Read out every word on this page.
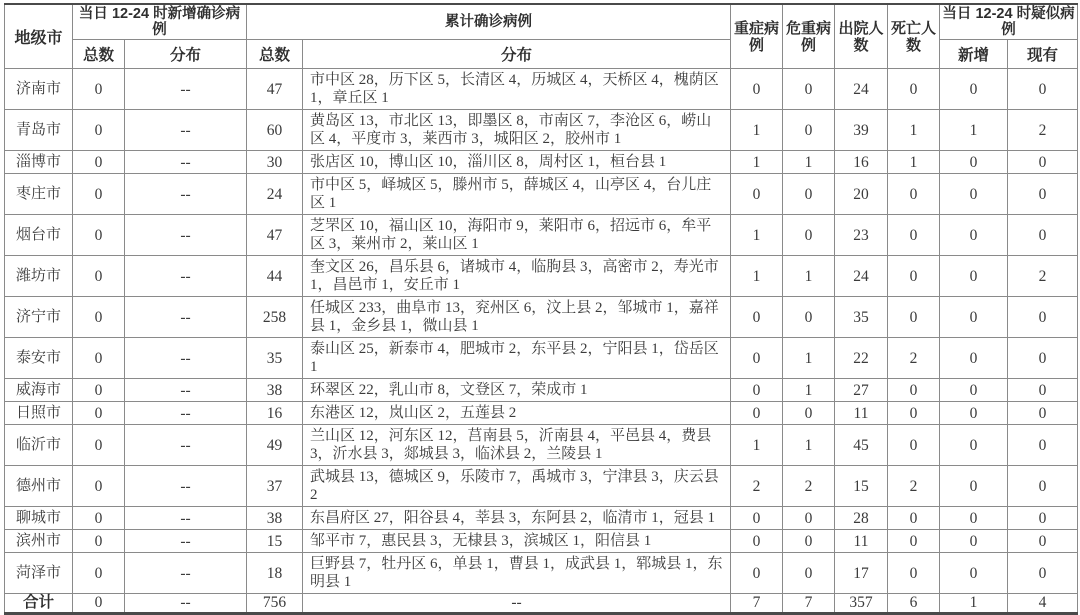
地级市	当日 12-24 时新增确诊病例		累计确诊病例		重症病例	危重病例	出院人数	死亡人数	当日 12-24 时疑似病例	
	总数	分布	总数	分布					新增	现有
济南市	0	--	47	市中区 28，历下区 5，长清区 4，历城区 4，天桥区 4，槐荫区 1，章丘区 1	0	0	24	0	0	0
青岛市	0	--	60	黄岛区 13，市北区 13，即墨区 8，市南区 7，李沧区 6，崂山区 4，平度市 3，莱西市 3，城阳区 2，胶州市 1	1	0	39	1	1	2
淄博市	0	--	30	张店区 10，博山区 10，淄川区 8，周村区 1，桓台县 1	1	1	16	1	0	0
枣庄市	0	--	24	市中区 5，峄城区 5，滕州市 5，薛城区 4，山亭区 4，台儿庄区 1	0	0	20	0	0	0
烟台市	0	--	47	芝罘区 10，福山区 10，海阳市 9，莱阳市 6，招远市 6，牟平区 3，莱州市 2，莱山区 1	1	0	23	0	0	0
潍坊市	0	--	44	奎文区 26，昌乐县 6，诸城市 4，临朐县 3，高密市 2，寿光市 1，昌邑市 1，安丘市 1	1	1	24	0	0	2
济宁市	0	--	258	任城区 233，曲阜市 13，兖州区 6，汶上县 2，邹城市 1，嘉祥县 1，金乡县 1，微山县 1	0	0	35	0	0	0
泰安市	0	--	35	泰山区 25，新泰市 4，肥城市 2，东平县 2，宁阳县 1，岱岳区 1	0	1	22	2	0	0
威海市	0	--	38	环翠区 22，乳山市 8，文登区 7，荣成市 1	0	1	27	0	0	0
日照市	0	--	16	东港区 12，岚山区 2，五莲县 2	0	0	11	0	0	0
临沂市	0	--	49	兰山区 12，河东区 12，莒南县 5，沂南县 4，平邑县 4，费县 3，沂水县 3，郯城县 3，临沭县 2，兰陵县 1	1	1	45	0	0	0
德州市	0	--	37	武城县 13，德城区 9，乐陵市 7，禹城市 3，宁津县 3，庆云县 2	2	2	15	2	0	0
聊城市	0	--	38	东昌府区 27，阳谷县 4，莘县 3，东阿县 2，临清市 1，冠县 1	0	0	28	0	0	0
滨州市	0	--	15	邹平市 7，惠民县 3，无棣县 3，滨城区 1，阳信县 1	0	0	11	0	0	0
菏泽市	0	--	18	巨野县 7，牡丹区 6，单县 1，曹县 1，成武县 1，郓城县 1，东明县 1	0	0	17	0	0	0
合计	0	--	756	--	7	7	357	6	1	4
